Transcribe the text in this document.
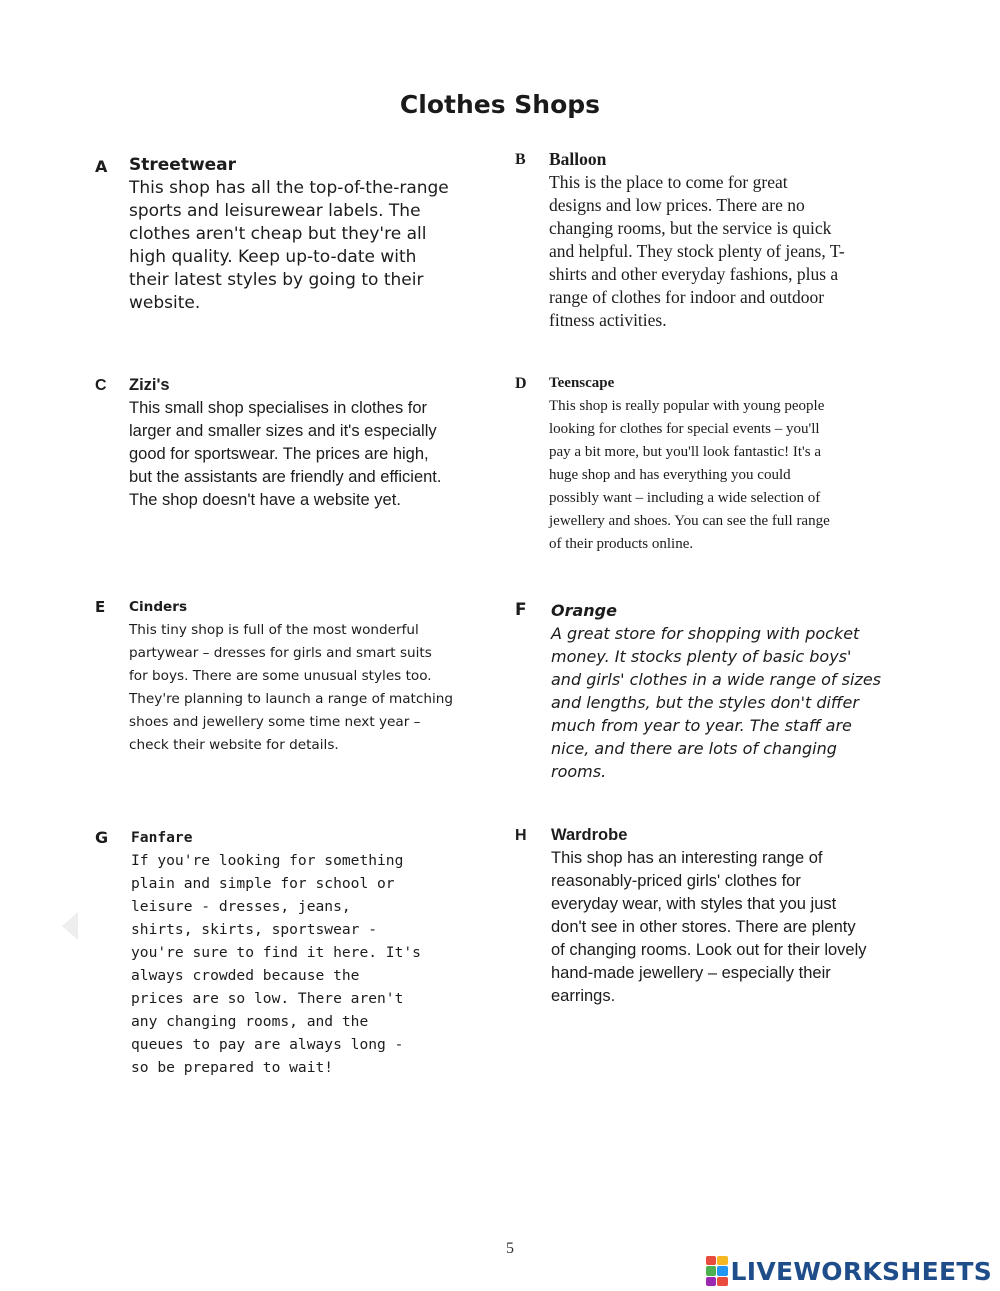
Clothes Shops
A Streetwear
This shop has all the top-of-the-range
sports and leisurewear labels. The
clothes aren't cheap but they're all
high quality. Keep up-to-date with
their latest styles by going to their
website.
B Balloon
This is the place to come for great
designs and low prices. There are no
changing rooms, but the service is quick
and helpful. They stock plenty of jeans, T-
shirts and other everyday fashions, plus a
range of clothes for indoor and outdoor
fitness activities.
C Zizi's
This small shop specialises in clothes for
larger and smaller sizes and it's especially
good for sportswear. The prices are high,
but the assistants are friendly and efficient.
The shop doesn't have a website yet.
D Teenscape
This shop is really popular with young people
looking for clothes for special events – you'll
pay a bit more, but you'll look fantastic! It's a
huge shop and has everything you could
possibly want – including a wide selection of
jewellery and shoes. You can see the full range
of their products online.
E Cinders
This tiny shop is full of the most wonderful
partywear – dresses for girls and smart suits
for boys. There are some unusual styles too.
They're planning to launch a range of matching
shoes and jewellery some time next year –
check their website for details.
F Orange
A great store for shopping with pocket
money. It stocks plenty of basic boys'
and girls' clothes in a wide range of sizes
and lengths, but the styles don't differ
much from year to year. The staff are
nice, and there are lots of changing
rooms.
G Fanfare
If you're looking for something
plain and simple for school or
leisure - dresses, jeans,
shirts, skirts, sportswear -
you're sure to find it here. It's
always crowded because the
prices are so low. There aren't
any changing rooms, and the
queues to pay are always long -
so be prepared to wait!
H Wardrobe
This shop has an interesting range of
reasonably-priced girls' clothes for
everyday wear, with styles that you just
don't see in other stores. There are plenty
of changing rooms. Look out for their lovely
hand-made jewellery – especially their
earrings.
5
LIVEWORKSHEETS
